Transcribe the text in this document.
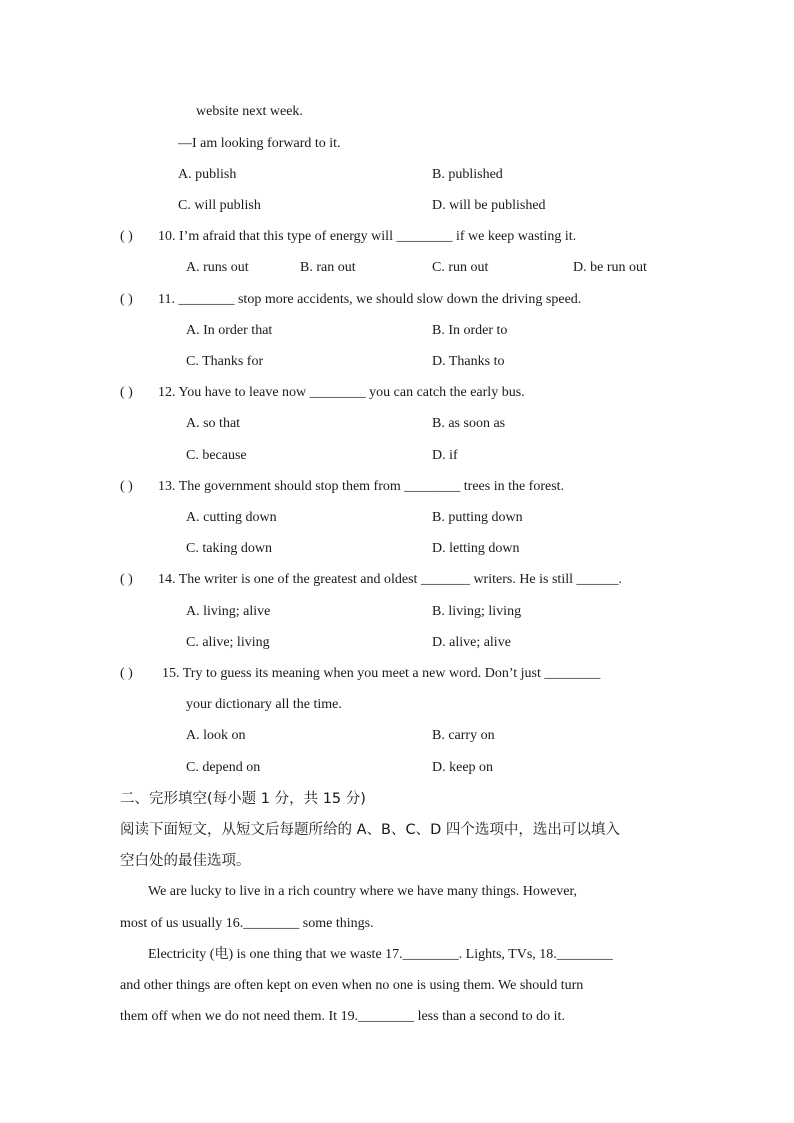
website next week.
—I am looking forward to it.
A. publish	B. published
C. will publish	D. will be published
( ) 10. I’m afraid that this type of energy will ________ if we keep wasting it.
A. runs out	B. ran out	C. run out	D. be run out
( ) 11. ________ stop more accidents, we should slow down the driving speed.
A. In order that	B. In order to
C. Thanks for	D. Thanks to
( ) 12. You have to leave now ________ you can catch the early bus.
A. so that	B. as soon as
C. because	D. if
( ) 13. The government should stop them from ________ trees in the forest.
A. cutting down	B. putting down
C. taking down	D. letting down
( ) 14. The writer is one of the greatest and oldest _______ writers. He is still ______.
A. living; alive	B. living; living
C. alive; living	D. alive; alive
( ) 15. Try to guess its meaning when you meet a new word. Don’t just ________
your dictionary all the time.
A. look on	B. carry on
C. depend on	D. keep on
二、完形填空(每小题 1 分，共 15 分)
阅读下面短文，从短文后每题所给的 A、B、C、D 四个选项中，选出可以填入
空白处的最佳选项。
We are lucky to live in a rich country where we have many things. However,
most of us usually 16.________ some things.
Electricity (电) is one thing that we waste 17.________. Lights, TVs, 18.________
and other things are often kept on even when no one is using them. We should turn
them off when we do not need them. It 19.________ less than a second to do it.
